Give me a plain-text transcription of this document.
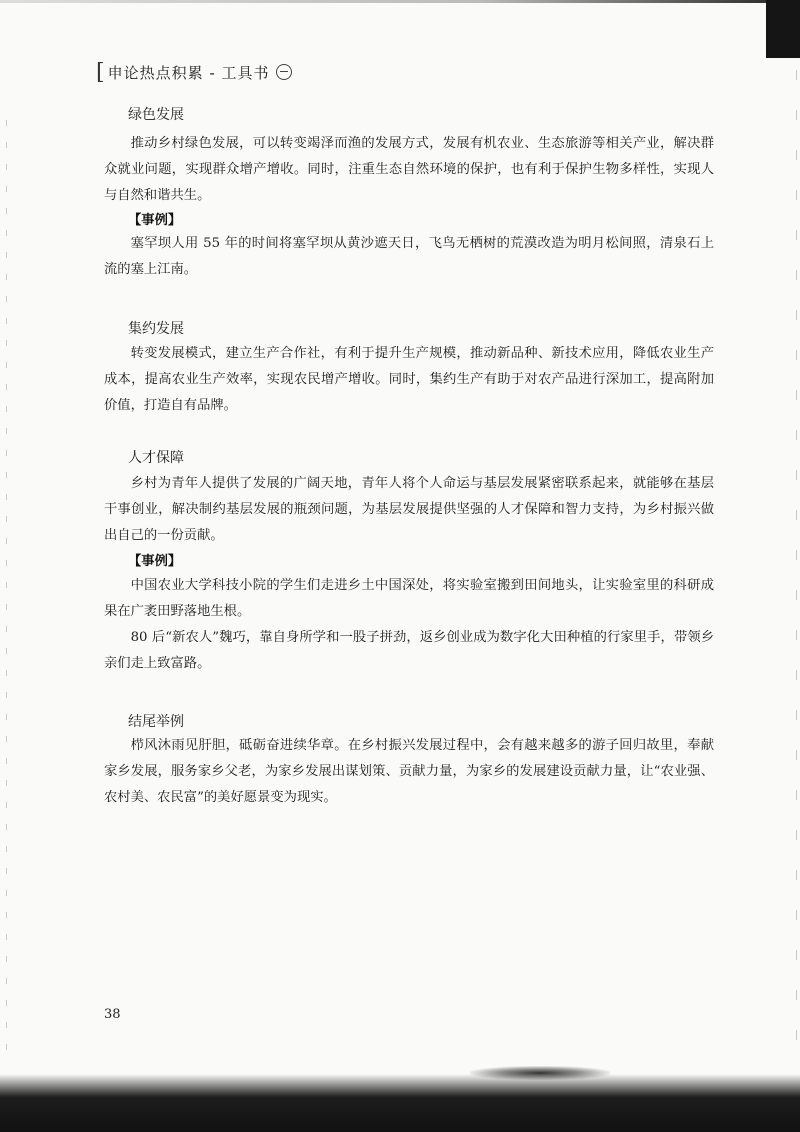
[ 申论热点积累 - 工具书
绿色发展
推动乡村绿色发展，可以转变竭泽而渔的发展方式，发展有机农业、生态旅游等相关产业，解决群众就业问题，实现群众增产增收。同时，注重生态自然环境的保护，也有利于保护生物多样性，实现人与自然和谐共生。
【事例】
塞罕坝人用 55 年的时间将塞罕坝从黄沙遮天日，飞鸟无栖树的荒漠改造为明月松间照，清泉石上流的塞上江南。
集约发展
转变发展模式，建立生产合作社，有利于提升生产规模，推动新品种、新技术应用，降低农业生产成本，提高农业生产效率，实现农民增产增收。同时，集约生产有助于对农产品进行深加工，提高附加价值，打造自有品牌。
人才保障
乡村为青年人提供了发展的广阔天地，青年人将个人命运与基层发展紧密联系起来，就能够在基层干事创业，解决制约基层发展的瓶颈问题，为基层发展提供坚强的人才保障和智力支持，为乡村振兴做出自己的一份贡献。
【事例】
中国农业大学科技小院的学生们走进乡土中国深处，将实验室搬到田间地头，让实验室里的科研成果在广袤田野落地生根。
80 后“新农人”魏巧，靠自身所学和一股子拼劲，返乡创业成为数字化大田种植的行家里手，带领乡亲们走上致富路。
结尾举例
栉风沐雨见肝胆，砥砺奋进续华章。在乡村振兴发展过程中，会有越来越多的游子回归故里，奉献家乡发展，服务家乡父老，为家乡发展出谋划策、贡献力量，为家乡的发展建设贡献力量，让“农业强、农村美、农民富”的美好愿景变为现实。
38
